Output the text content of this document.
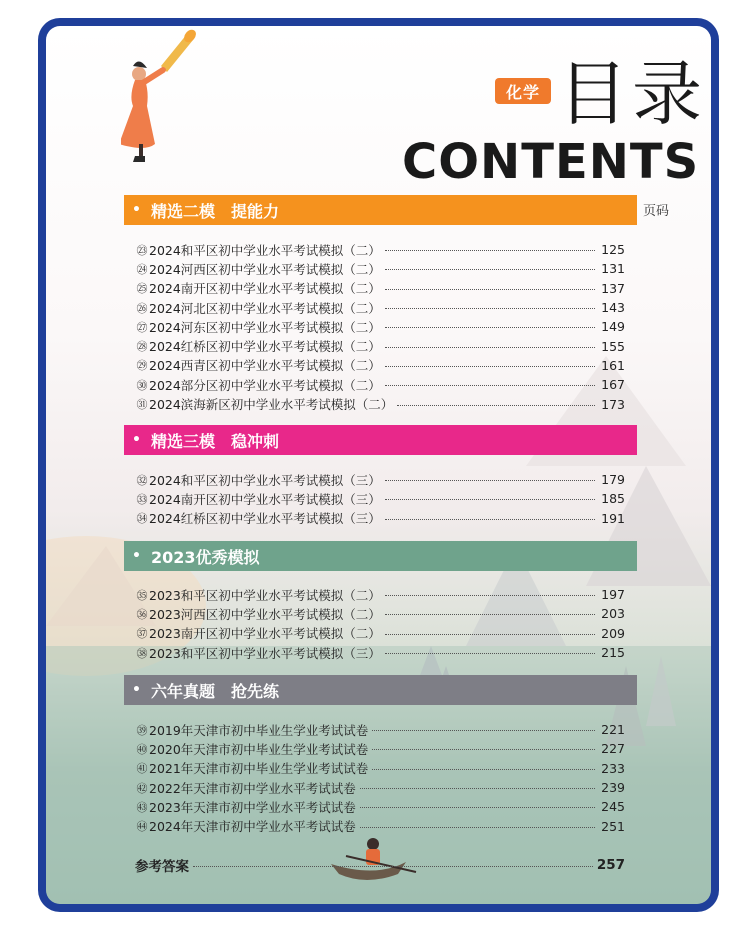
化学 目录
CONTENTS
页码
• 精选二模　提能力
㉓ 2024和平区初中学业水平考试模拟（二）	125
㉔ 2024河西区初中学业水平考试模拟（二）	131
㉕ 2024南开区初中学业水平考试模拟（二）	137
㉖ 2024河北区初中学业水平考试模拟（二）	143
㉗ 2024河东区初中学业水平考试模拟（二）	149
㉘ 2024红桥区初中学业水平考试模拟（二）	155
㉙ 2024西青区初中学业水平考试模拟（二）	161
㉚ 2024部分区初中学业水平考试模拟（二）	167
㉛ 2024滨海新区初中学业水平考试模拟（二）	173
• 精选三模　稳冲刺
㉜ 2024和平区初中学业水平考试模拟（三）	179
㉝ 2024南开区初中学业水平考试模拟（三）	185
㉞ 2024红桥区初中学业水平考试模拟（三）	191
• 2023优秀模拟
㉟ 2023和平区初中学业水平考试模拟（二）	197
㊱ 2023河西区初中学业水平考试模拟（二）	203
㊲ 2023南开区初中学业水平考试模拟（二）	209
㊳ 2023和平区初中学业水平考试模拟（三）	215
• 六年真题　抢先练
㊴ 2019年天津市初中毕业生学业考试试卷	221
㊵ 2020年天津市初中毕业生学业考试试卷	227
㊶ 2021年天津市初中毕业生学业考试试卷	233
㊷ 2022年天津市初中学业水平考试试卷	239
㊸ 2023年天津市初中学业水平考试试卷	245
㊹ 2024年天津市初中学业水平考试试卷	251
参考答案	257
